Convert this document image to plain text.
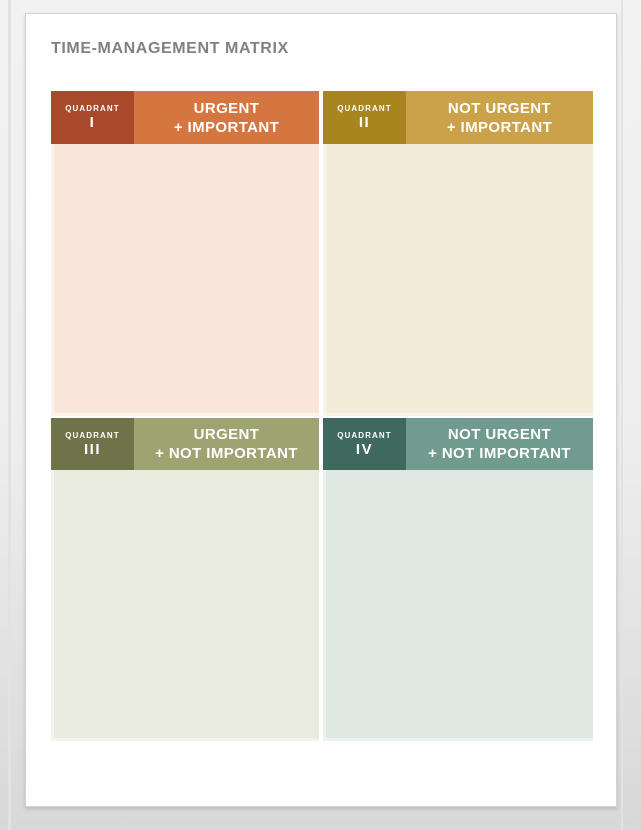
TIME-MANAGEMENT MATRIX
QUADRANT
I
URGENT
+ IMPORTANT
QUADRANT
II
NOT URGENT
+ IMPORTANT
QUADRANT
III
URGENT
+ NOT IMPORTANT
QUADRANT
IV
NOT URGENT
+ NOT IMPORTANT
